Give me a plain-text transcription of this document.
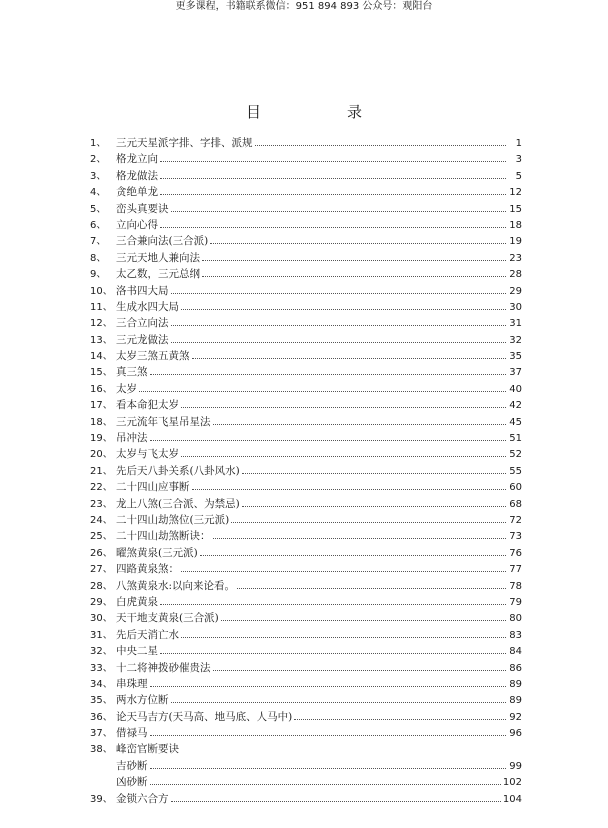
更多课程，书籍联系微信：951 894 893 公众号：观阳台
目录
1、 三元天星派字排、字排、派规	1
2、 格龙立向	3
3、 格龙做法	5
4、 贪绝单龙	12
5、 峦头真要诀	15
6、 立向心得	18
7、 三合兼向法(三合派)	19
8、 三元天地人兼向法	23
9、 太乙数，三元总纲	28
10、 洛书四大局	29
11、 生成水四大局	30
12、 三合立向法	31
13、 三元龙做法	32
14、 太岁三煞五黄煞	35
15、 真三煞	37
16、 太岁	40
17、 看本命犯太岁	42
18、 三元流年飞星吊星法	45
19、 吊冲法	51
20、 太岁与飞太岁	52
21、 先后天八卦关系(八卦风水)	55
22、 二十四山应事断	60
23、 龙上八煞(三合派、为禁忌)	68
24、 二十四山劫煞位(三元派)	72
25、 二十四山劫煞断诀：	73
26、 曜煞黄泉(三元派)	76
27、 四路黄泉煞：	77
28、 八煞黄泉水:以向来论看。	78
29、 白虎黄泉	79
30、 天干地支黄泉(三合派)	80
31、 先后天消亡水	83
32、 中央二星	84
33、 十二将神拨砂催贵法	86
34、 串珠理	89
35、 两水方位断	89
36、 论天马吉方(天马高、地马底、人马中)	92
37、 借禄马	96
38、 峰峦官断要诀
吉砂断	99
凶砂断	102
39、 金锁六合方	104
